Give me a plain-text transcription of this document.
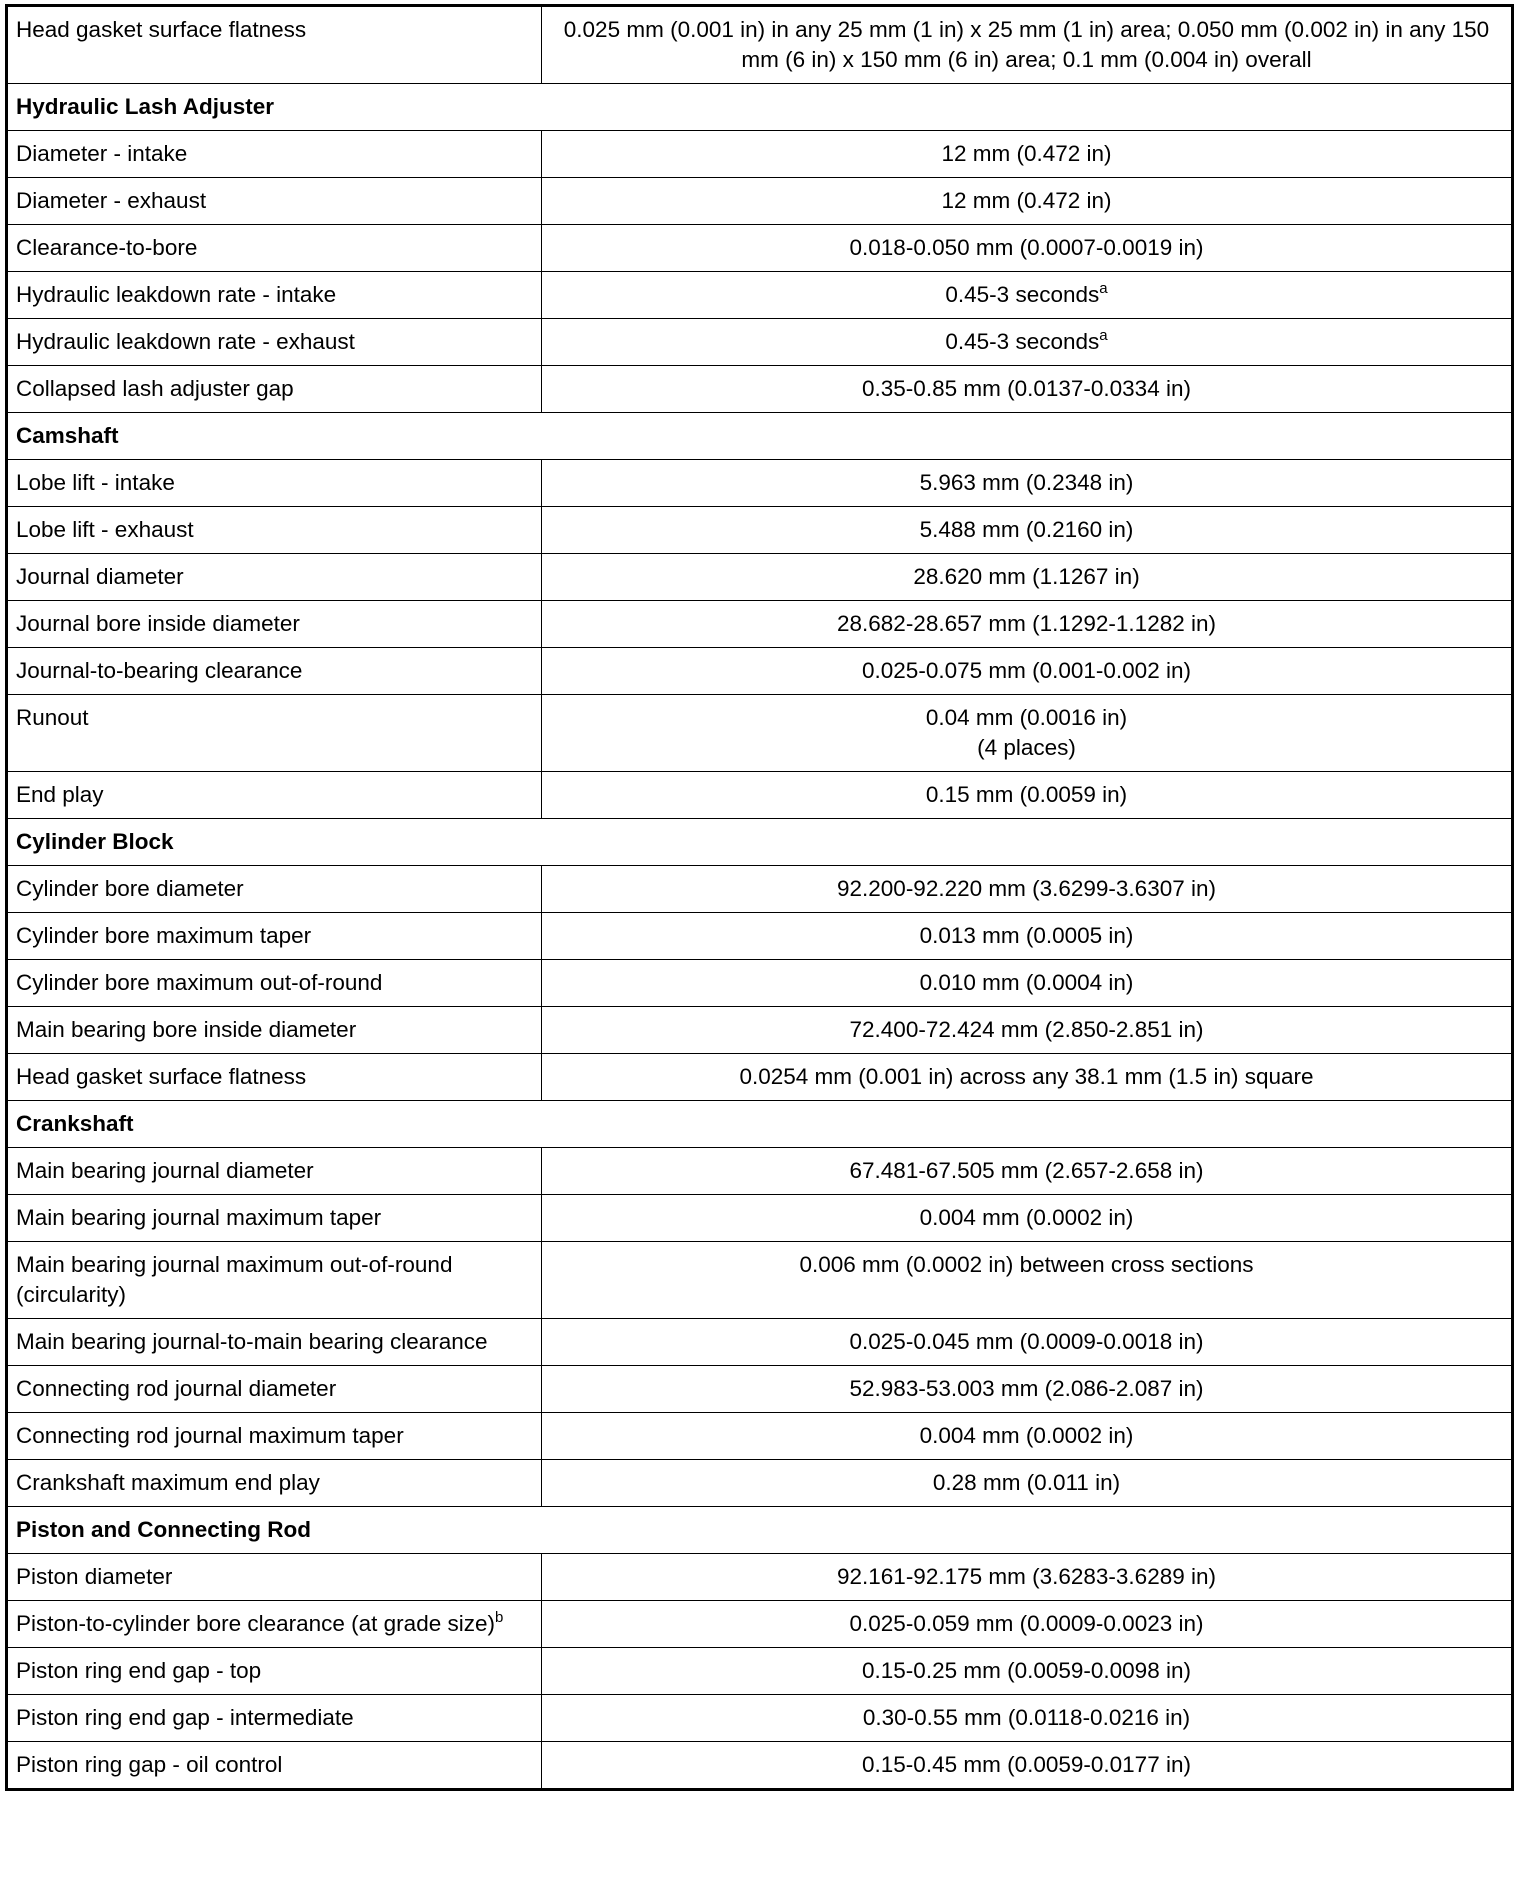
Head gasket surface flatness	0.025 mm (0.001 in) in any 25 mm (1 in) x 25 mm (1 in) area; 0.050 mm (0.002 in) in any 150 mm (6 in) x 150 mm (6 in) area; 0.1 mm (0.004 in) overall
Hydraulic Lash Adjuster	
Diameter - intake	12 mm (0.472 in)
Diameter - exhaust	12 mm (0.472 in)
Clearance-to-bore	0.018-0.050 mm (0.0007-0.0019 in)
Hydraulic leakdown rate - intake	0.45-3 seconds$^a$
Hydraulic leakdown rate - exhaust	0.45-3 seconds$^a$
Collapsed lash adjuster gap	0.35-0.85 mm (0.0137-0.0334 in)
Camshaft	
Lobe lift - intake	5.963 mm (0.2348 in)
Lobe lift - exhaust	5.488 mm (0.2160 in)
Journal diameter	28.620 mm (1.1267 in)
Journal bore inside diameter	28.682-28.657 mm (1.1292-1.1282 in)
Journal-to-bearing clearance	0.025-0.075 mm (0.001-0.002 in)
Runout	0.04 mm (0.0016 in)
(4 places)
End play	0.15 mm (0.0059 in)
Cylinder Block	
Cylinder bore diameter	92.200-92.220 mm (3.6299-3.6307 in)
Cylinder bore maximum taper	0.013 mm (0.0005 in)
Cylinder bore maximum out-of-round	0.010 mm (0.0004 in)
Main bearing bore inside diameter	72.400-72.424 mm (2.850-2.851 in)
Head gasket surface flatness	0.0254 mm (0.001 in) across any 38.1 mm (1.5 in) square
Crankshaft	
Main bearing journal diameter	67.481-67.505 mm (2.657-2.658 in)
Main bearing journal maximum taper	0.004 mm (0.0002 in)
Main bearing journal maximum out-of-round (circularity)	0.006 mm (0.0002 in) between cross sections
Main bearing journal-to-main bearing clearance	0.025-0.045 mm (0.0009-0.0018 in)
Connecting rod journal diameter	52.983-53.003 mm (2.086-2.087 in)
Connecting rod journal maximum taper	0.004 mm (0.0002 in)
Crankshaft maximum end play	0.28 mm (0.011 in)
Piston and Connecting Rod	
Piston diameter	92.161-92.175 mm (3.6283-3.6289 in)
Piston-to-cylinder bore clearance (at grade size)$^b$	0.025-0.059 mm (0.0009-0.0023 in)
Piston ring end gap - top	0.15-0.25 mm (0.0059-0.0098 in)
Piston ring end gap - intermediate	0.30-0.55 mm (0.0118-0.0216 in)
Piston ring gap - oil control	0.15-0.45 mm (0.0059-0.0177 in)
